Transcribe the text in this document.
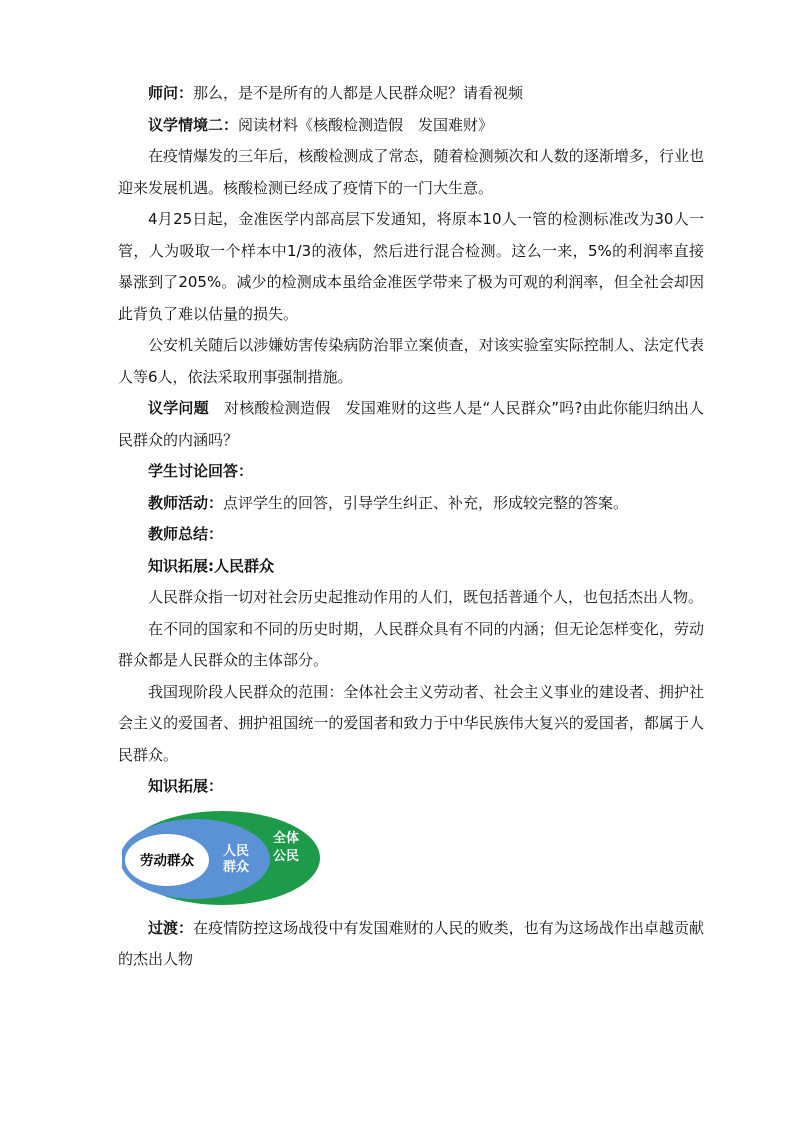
师问：那么，是不是所有的人都是人民群众呢？请看视频

议学情境二：阅读材料《核酸检测造假 发国难财》

在疫情爆发的三年后，核酸检测成了常态，随着检测频次和人数的逐渐增多，行业也迎来发展机遇。核酸检测已经成了疫情下的一门大生意。

4月25日起，金准医学内部高层下发通知，将原本10人一管的检测标准改为30人一管，人为吸取一个样本中1/3的液体，然后进行混合检测。这么一来，5%的利润率直接暴涨到了205%。减少的检测成本虽给金准医学带来了极为可观的利润率，但全社会却因此背负了难以估量的损失。

公安机关随后以涉嫌妨害传染病防治罪立案侦查，对该实验室实际控制人、法定代表人等6人，依法采取刑事强制措施。

议学问题 对核酸检测造假 发国难财的这些人是“人民群众”吗?由此你能归纳出人民群众的内涵吗？

学生讨论回答：

教师活动：点评学生的回答，引导学生纠正、补充，形成较完整的答案。

教师总结：

知识拓展:人民群众

人民群众指一切对社会历史起推动作用的人们，既包括普通个人，也包括杰出人物。

在不同的国家和不同的历史时期，人民群众具有不同的内涵；但无论怎样变化，劳动群众都是人民群众的主体部分。

我国现阶段人民群众的范围：全体社会主义劳动者、社会主义事业的建设者、拥护社会主义的爱国者、拥护祖国统一的爱国者和致力于中华民族伟大复兴的爱国者，都属于人民群众。

知识拓展：

劳动群众
人民
群众
全体
公民

过渡：在疫情防控这场战役中有发国难财的人民的败类，也有为这场战作出卓越贡献的杰出人物
